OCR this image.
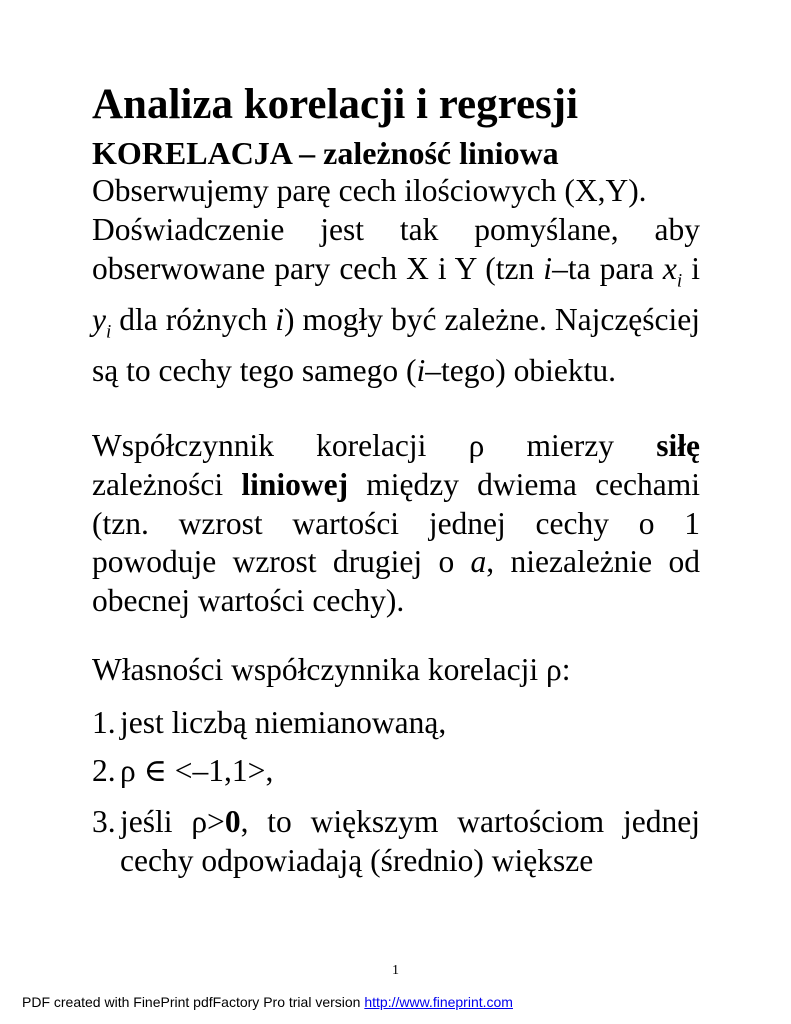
Analiza korelacji i regresji
KORELACJA – zależność liniowa
Obserwujemy parę cech ilościowych (X,Y).
Doświadczenie jest tak pomyślane, aby obserwowane pary cech X i Y (tzn i–ta para $x_i$ i $y_i$ dla różnych i) mogły być zależne. Najczęściej są to cechy tego samego (i–tego) obiektu.
Współczynnik korelacji ρ mierzy siłę zależności liniowej między dwiema cechami (tzn. wzrost wartości jednej cechy o 1 powoduje wzrost drugiej o a, niezależnie od obecnej wartości cechy).
Własności współczynnika korelacji ρ:
1. jest liczbą niemianowaną,
2. ρ ∈ <–1,1>,
3. jeśli ρ>0, to większym wartościom jednej cechy odpowiadają (średnio) większe
1
PDF created with FinePrint pdfFactory Pro trial version http://www.fineprint.com
